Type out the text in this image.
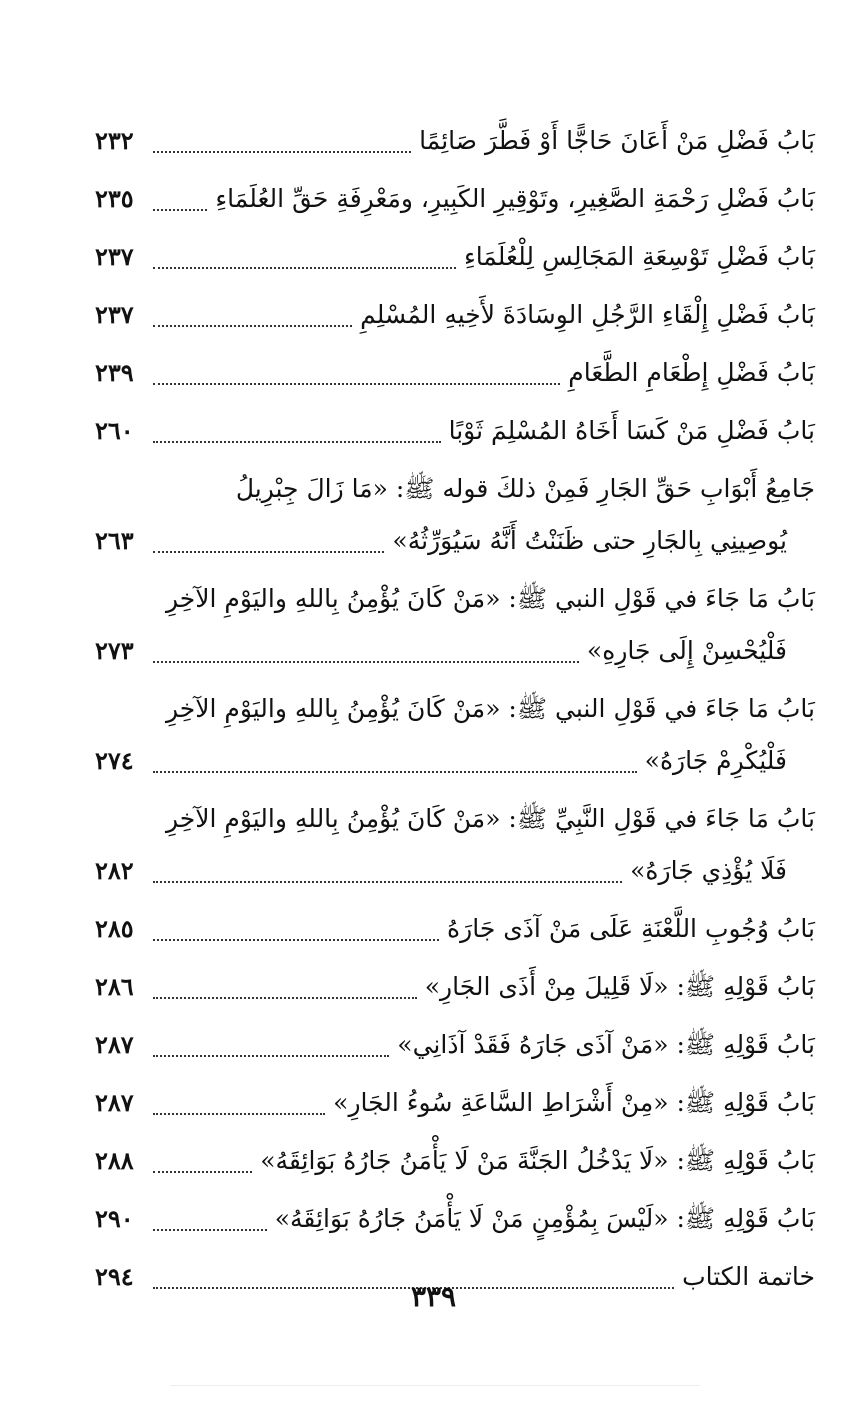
بَابُ فَضْلِ مَنْ أَعَانَ حَاجًّا أَوْ فَطَّرَ صَائِمًا
٢٣٢
بَابُ فَضْلِ رَحْمَةِ الصَّغِيرِ، وتَوْقِيرِ الكَبِيرِ، ومَعْرِفَةِ حَقِّ العُلَمَاءِ
٢٣٥
بَابُ فَضْلِ تَوْسِعَةِ المَجَالِسِ لِلْعُلَمَاءِ
٢٣٧
بَابُ فَضْلِ إِلْقَاءِ الرَّجُلِ الوِسَادَةَ لأَخِيهِ المُسْلِمِ
٢٣٧
بَابُ فَضْلِ إِطْعَامِ الطَّعَامِ
٢٣٩
بَابُ فَضْلِ مَنْ كَسَا أَخَاهُ المُسْلِمَ ثَوْبًا
٢٦٠
جَامِعُ أَبْوَابِ حَقِّ الجَارِ فَمِنْ ذلكَ قوله ﷺ: «مَا زَالَ جِبْرِيلُ
يُوصِينِي بِالجَارِ حتى ظَنَنْتُ أَنَّهُ سَيُوَرِّثُهُ»
٢٦٣
بَابُ مَا جَاءَ في قَوْلِ النبي ﷺ: «مَنْ كَانَ يُؤْمِنُ بِاللهِ واليَوْمِ الآخِرِ
فَلْيُحْسِنْ إِلَى جَارِهِ»
٢٧٣
بَابُ مَا جَاءَ في قَوْلِ النبي ﷺ: «مَنْ كَانَ يُؤْمِنُ بِاللهِ واليَوْمِ الآخِرِ
فَلْيُكْرِمْ جَارَهُ»
٢٧٤
بَابُ مَا جَاءَ في قَوْلِ النَّبِيِّ ﷺ: «مَنْ كَانَ يُؤْمِنُ بِاللهِ واليَوْمِ الآخِرِ
فَلَا يُؤْذِي جَارَهُ»
٢٨٢
بَابُ وُجُوبِ اللَّعْنَةِ عَلَى مَنْ آذَى جَارَهُ
٢٨٥
بَابُ قَوْلِهِ ﷺ: «لَا قَلِيلَ مِنْ أَذَى الجَارِ»
٢٨٦
بَابُ قَوْلِهِ ﷺ: «مَنْ آذَى جَارَهُ فَقَدْ آذَانِي»
٢٨٧
بَابُ قَوْلِهِ ﷺ: «مِنْ أَشْرَاطِ السَّاعَةِ سُوءُ الجَارِ»
٢٨٧
بَابُ قَوْلِهِ ﷺ: «لَا يَدْخُلُ الجَنَّةَ مَنْ لَا يَأْمَنُ جَارُهُ بَوَائِقَهُ»
٢٨٨
بَابُ قَوْلِهِ ﷺ: «لَيْسَ بِمُؤْمِنٍ مَنْ لَا يَأْمَنُ جَارُهُ بَوَائِقَهُ»
٢٩٠
خاتمة الكتاب
٢٩٤
٣٣٩
